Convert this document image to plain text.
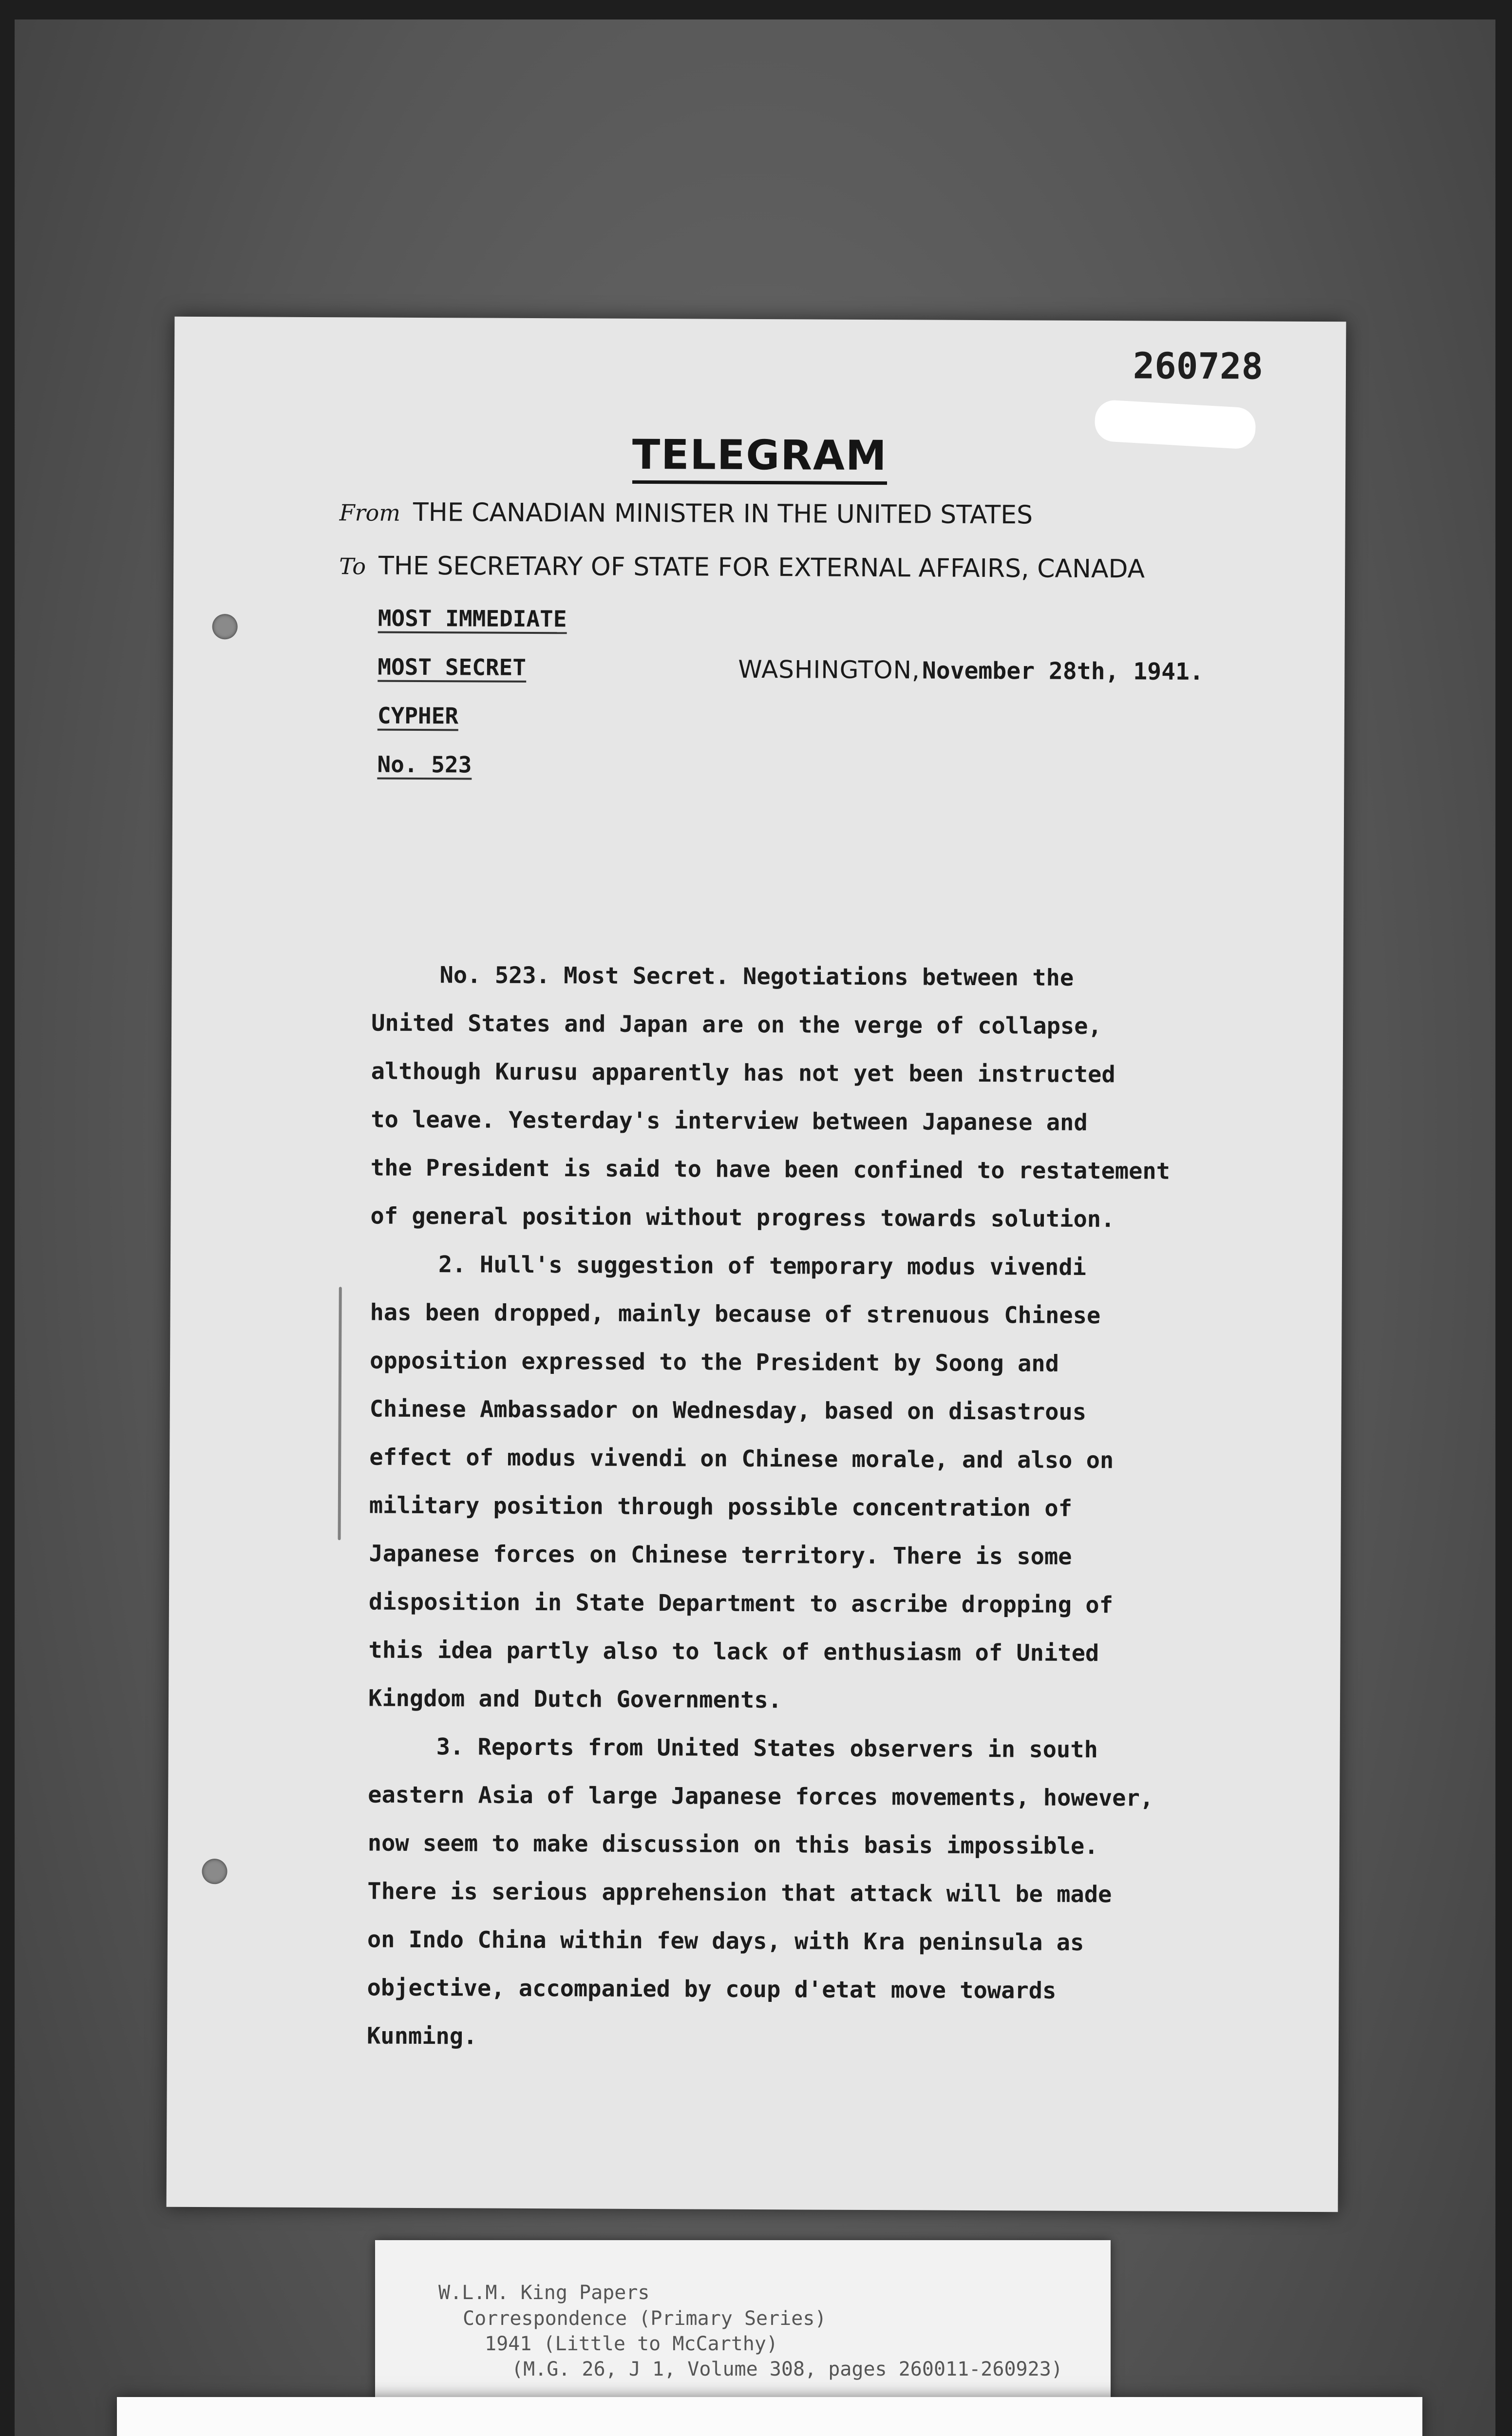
260728
TELEGRAM
From THE CANADIAN MINISTER IN THE UNITED STATES
To THE SECRETARY OF STATE FOR EXTERNAL AFFAIRS, CANADA
MOST IMMEDIATE
MOST SECRET
CYPHER
No. 523
WASHINGTON, November 28th, 1941.
No. 523. Most Secret. Negotiations between the
United States and Japan are on the verge of collapse,
although Kurusu apparently has not yet been instructed
to leave. Yesterday's interview between Japanese and
the President is said to have been confined to restatement
of general position without progress towards solution.
2. Hull's suggestion of temporary modus vivendi
has been dropped, mainly because of strenuous Chinese
opposition expressed to the President by Soong and
Chinese Ambassador on Wednesday, based on disastrous
effect of modus vivendi on Chinese morale, and also on
military position through possible concentration of
Japanese forces on Chinese territory. There is some
disposition in State Department to ascribe dropping of
this idea partly also to lack of enthusiasm of United
Kingdom and Dutch Governments.
3. Reports from United States observers in south
eastern Asia of large Japanese forces movements, however,
now seem to make discussion on this basis impossible.
There is serious apprehension that attack will be made
on Indo China within few days, with Kra peninsula as
objective, accompanied by coup d'etat move towards
Kunming.
W.L.M. King Papers
Correspondence (Primary Series)
1941 (Little to McCarthy)
(M.G. 26, J 1, Volume 308, pages 260011-260923)
